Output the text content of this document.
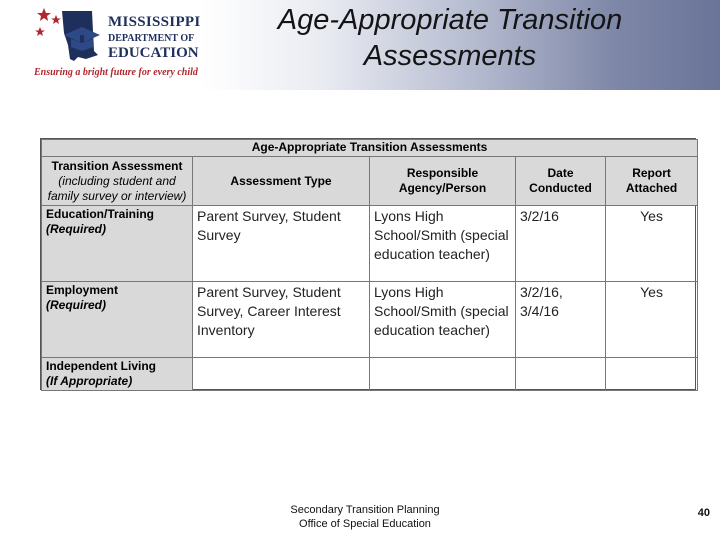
MISSISSIPPI
DEPARTMENT OF
EDUCATION
Ensuring a bright future for every child
Age-Appropriate Transition
Assessments
Age-Appropriate Transition Assessments				
Transition Assessment
(including student and family survey or interview)	Assessment Type	Responsible Agency/Person	Date Conducted	Report Attached

Education/Training
(Required)	Parent Survey, Student Survey	Lyons High School/Smith (special education teacher)	3/2/16	Yes

Employment
(Required)	Parent Survey, Student Survey, Career Interest Inventory	Lyons High School/Smith (special education teacher)	3/2/16, 3/4/16	Yes

Independent Living
(If Appropriate)				

Secondary Transition Planning
Office of Special Education
40
